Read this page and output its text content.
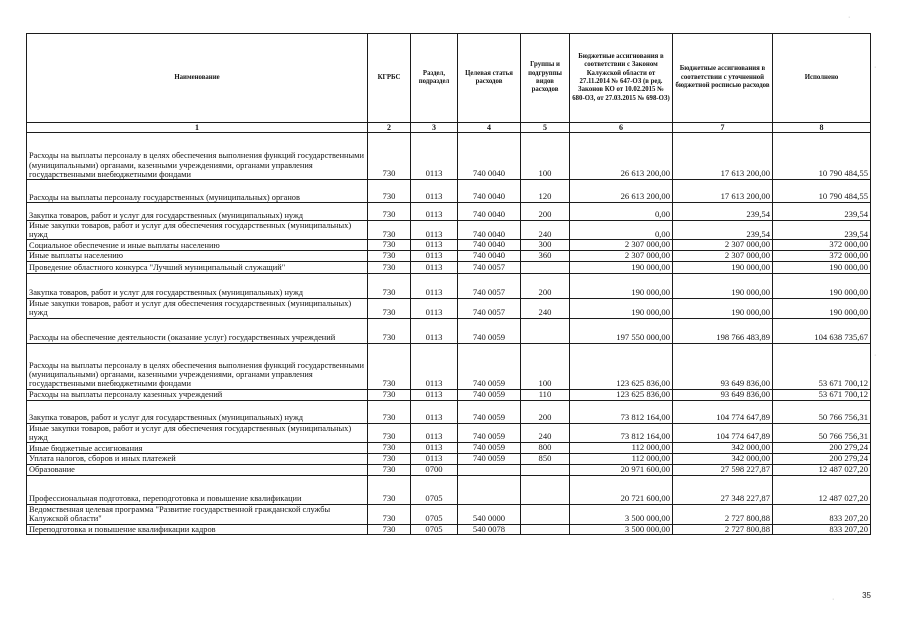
Наименование	КГРБС	Раздел, подраздел	Целевая статья расходов	Группы и подгруппы видов расходов	Бюджетные ассигнования в соответствии с Законом Калужской области от 27.11.2014 № 647-ОЗ (в ред. Законов КО от 10.02.2015 № 680-ОЗ, от 27.03.2015 № 698-ОЗ)	Бюджетные ассигнования в соответствии с уточненной бюджетной росписью расходов	Исполнено
1	2	3	4	5	6	7	8
Расходы на выплаты персоналу в целях обеспечения выполнения функций государственными (муниципальными) органами, казенными учреждениями, органами управления государственными внебюджетными фондами	730	0113	740 0040	100	26 613 200,00	17 613 200,00	10 790 484,55
Расходы на выплаты персоналу государственных (муниципальных) органов	730	0113	740 0040	120	26 613 200,00	17 613 200,00	10 790 484,55
Закупка товаров, работ и услуг для государственных (муниципальных) нужд	730	0113	740 0040	200	0,00	239,54	239,54
Иные закупки товаров, работ и услуг для обеспечения государственных (муниципальных) нужд	730	0113	740 0040	240	0,00	239,54	239,54
Социальное обеспечение и иные выплаты населению	730	0113	740 0040	300	2 307 000,00	2 307 000,00	372 000,00
Иные выплаты населению	730	0113	740 0040	360	2 307 000,00	2 307 000,00	372 000,00
Проведение областного конкурса "Лучший муниципальный служащий"	730	0113	740 0057		190 000,00	190 000,00	190 000,00
Закупка товаров, работ и услуг для государственных (муниципальных) нужд	730	0113	740 0057	200	190 000,00	190 000,00	190 000,00
Иные закупки товаров, работ и услуг для обеспечения государственных (муниципальных) нужд	730	0113	740 0057	240	190 000,00	190 000,00	190 000,00
Расходы на обеспечение деятельности (оказание услуг) государственных учреждений	730	0113	740 0059		197 550 000,00	198 766 483,89	104 638 735,67
Расходы на выплаты персоналу в целях обеспечения выполнения функций государственными (муниципальными) органами, казенными учреждениями, органами управления государственными внебюджетными фондами	730	0113	740 0059	100	123 625 836,00	93 649 836,00	53 671 700,12
Расходы на выплаты персоналу казенных учреждений	730	0113	740 0059	110	123 625 836,00	93 649 836,00	53 671 700,12
Закупка товаров, работ и услуг для государственных (муниципальных) нужд	730	0113	740 0059	200	73 812 164,00	104 774 647,89	50 766 756,31
Иные закупки товаров, работ и услуг для обеспечения государственных (муниципальных) нужд	730	0113	740 0059	240	73 812 164,00	104 774 647,89	50 766 756,31
Иные бюджетные ассигнования	730	0113	740 0059	800	112 000,00	342 000,00	200 279,24
Уплата налогов, сборов и иных платежей	730	0113	740 0059	850	112 000,00	342 000,00	200 279,24
Образование	730	0700			20 971 600,00	27 598 227,87	12 487 027,20
Профессиональная подготовка, переподготовка и повышение квалификации	730	0705			20 721 600,00	27 348 227,87	12 487 027,20
Ведомственная целевая программа "Развитие государственной гражданской службы Калужской области"	730	0705	540 0000		3 500 000,00	2 727 800,88	833 207,20
Переподготовка и повышение квалификации кадров	730	0705	540 0078		3 500 000,00	2 727 800,88	833 207,20
·
·
·
·	35
